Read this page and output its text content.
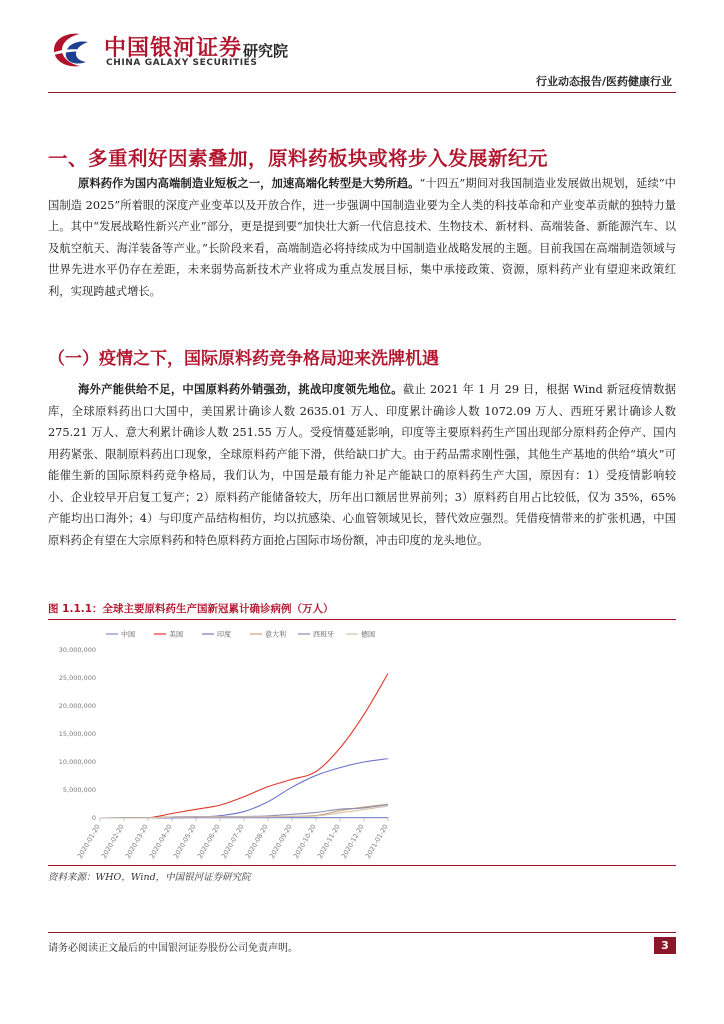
中国银河证券 研究院
CHINA GALAXY SECURITIES
行业动态报告/医药健康行业
一、多重利好因素叠加，原料药板块或将步入发展新纪元
原料药作为国内高端制造业短板之一，加速高端化转型是大势所趋。“十四五”期间对我国制造业发展做出规划，延续“中国制造 2025”所着眼的深度产业变革以及开放合作，进一步强调中国制造业要为全人类的科技革命和产业变革贡献的独特力量上。其中“发展战略性新兴产业”部分，更是提到要“加快壮大新一代信息技术、生物技术、新材料、高端装备、新能源汽车、以及航空航天、海洋装备等产业。”长阶段来看，高端制造必将持续成为中国制造业战略发展的主题。目前我国在高端制造领域与世界先进水平仍存在差距，未来弱势高新技术产业将成为重点发展目标，集中承接政策、资源，原料药产业有望迎来政策红利，实现跨越式增长。
（一）疫情之下，国际原料药竞争格局迎来洗牌机遇
海外产能供给不足，中国原料药外销强劲，挑战印度领先地位。截止 2021 年 1 月 29 日，根据 Wind 新冠疫情数据库，全球原料药出口大国中，美国累计确诊人数 2635.01 万人、印度累计确诊人数 1072.09 万人、西班牙累计确诊人数 275.21 万人、意大利累计确诊人数 251.55 万人。受疫情蔓延影响，印度等主要原料药生产国出现部分原料药企停产、国内用药紧张、限制原料药出口现象，全球原料药产能下滑，供给缺口扩大。由于药品需求刚性强，其他生产基地的供给“填火”可能催生新的国际原料药竞争格局，我们认为，中国是最有能力补足产能缺口的原料药生产大国，原因有：1）受疫情影响较小、企业较早开启复工复产；2）原料药产能储备较大，历年出口额居世界前列；3）原料药自用占比较低，仅为 35%，65%产能均出口海外；4）与印度产品结构相仿，均以抗感染、心血管领域见长，替代效应强烈。凭借疫情带来的扩张机遇，中国原料药企有望在大宗原料药和特色原料药方面抢占国际市场份额，冲击印度的龙头地位。
图 1.1.1：全球主要原料药生产国新冠累计确诊病例（万人）
0
5,000,000
10,000,000
15,000,000
20,000,000
25,000,000
30,000,000
2020-01-20
2020-02-20
2020-03-20
2020-04-20
2020-05-20
2020-06-20
2020-07-20
2020-08-20
2020-09-20
2020-10-20
2020-11-20
2020-12-20
2021-01-20
中国	美国	印度	意大利	西班牙	德国
资料来源：WHO，Wind，中国银河证券研究院
请务必阅读正文最后的中国银河证券股份公司免责声明。	3
